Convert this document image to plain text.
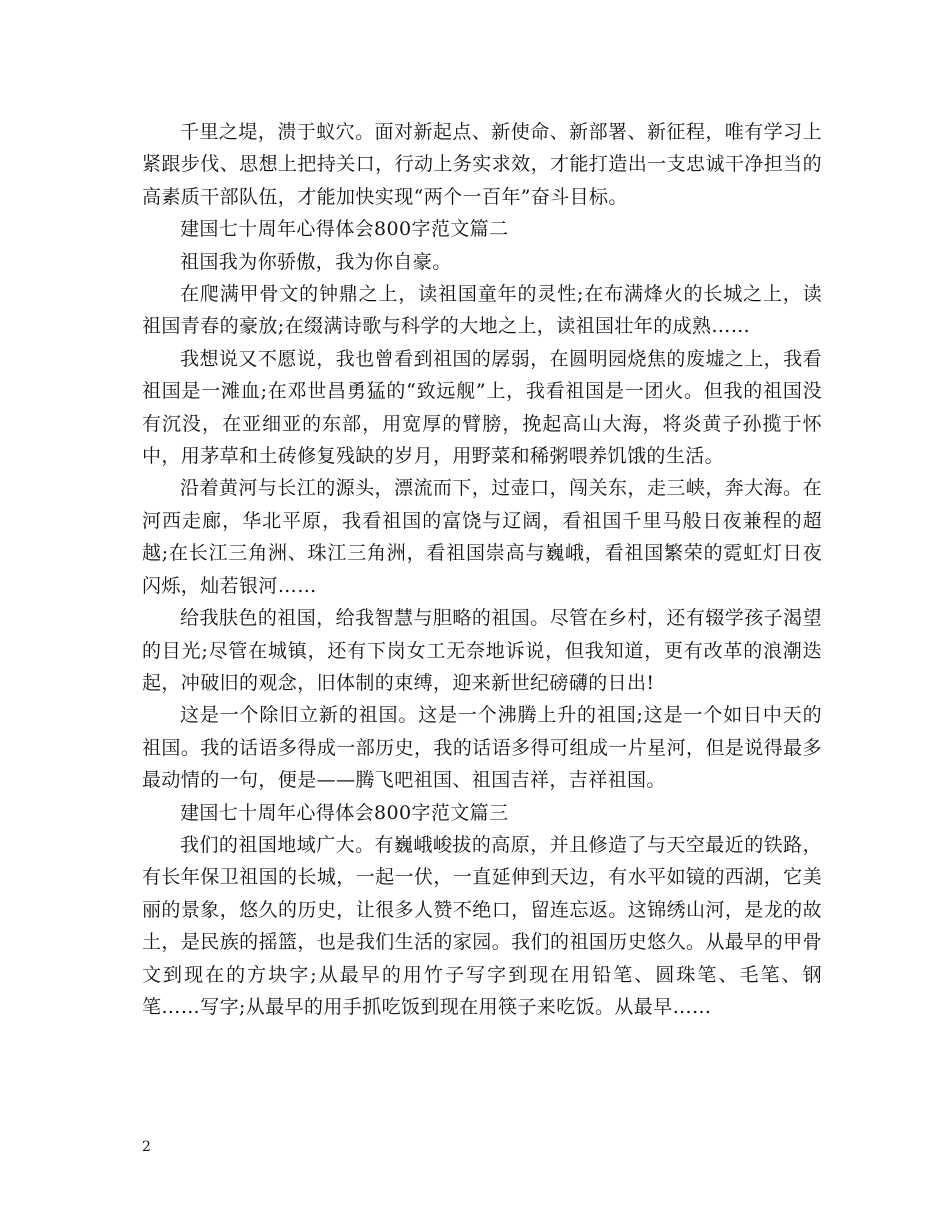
千里之堤，溃于蚁穴。面对新起点、新使命、新部署、新征程，唯有学习上紧跟步伐、思想上把持关口，行动上务实求效，才能打造出一支忠诚干净担当的高素质干部队伍，才能加快实现“两个一百年”奋斗目标。

建国七十周年心得体会800字范文篇二

祖国我为你骄傲，我为你自豪。

在爬满甲骨文的钟鼎之上，读祖国童年的灵性;在布满烽火的长城之上，读祖国青春的豪放;在缀满诗歌与科学的大地之上，读祖国壮年的成熟……

我想说又不愿说，我也曾看到祖国的孱弱，在圆明园烧焦的废墟之上，我看祖国是一滩血;在邓世昌勇猛的“致远舰”上，我看祖国是一团火。但我的祖国没有沉没，在亚细亚的东部，用宽厚的臂膀，挽起高山大海，将炎黄子孙揽于怀中，用茅草和土砖修复残缺的岁月，用野菜和稀粥喂养饥饿的生活。

沿着黄河与长江的源头，漂流而下，过壶口，闯关东，走三峡，奔大海。在河西走廊，华北平原，我看祖国的富饶与辽阔，看祖国千里马般日夜兼程的超越;在长江三角洲、珠江三角洲，看祖国崇高与巍峨，看祖国繁荣的霓虹灯日夜闪烁，灿若银河……

给我肤色的祖国，给我智慧与胆略的祖国。尽管在乡村，还有辍学孩子渴望的目光;尽管在城镇，还有下岗女工无奈地诉说，但我知道，更有改革的浪潮迭起，冲破旧的观念，旧体制的束缚，迎来新世纪磅礴的日出!

这是一个除旧立新的祖国。这是一个沸腾上升的祖国;这是一个如日中天的祖国。我的话语多得成一部历史，我的话语多得可组成一片星河，但是说得最多最动情的一句，便是——腾飞吧祖国、祖国吉祥，吉祥祖国。

建国七十周年心得体会800字范文篇三

我们的祖国地域广大。有巍峨峻拔的高原，并且修造了与天空最近的铁路，有长年保卫祖国的长城，一起一伏，一直延伸到天边，有水平如镜的西湖，它美丽的景象，悠久的历史，让很多人赞不绝口，留连忘返。这锦绣山河，是龙的故土，是民族的摇篮，也是我们生活的家园。我们的祖国历史悠久。从最早的甲骨文到现在的方块字;从最早的用竹子写字到现在用铅笔、圆珠笔、毛笔、钢笔……写字;从最早的用手抓吃饭到现在用筷子来吃饭。从最早……

2
